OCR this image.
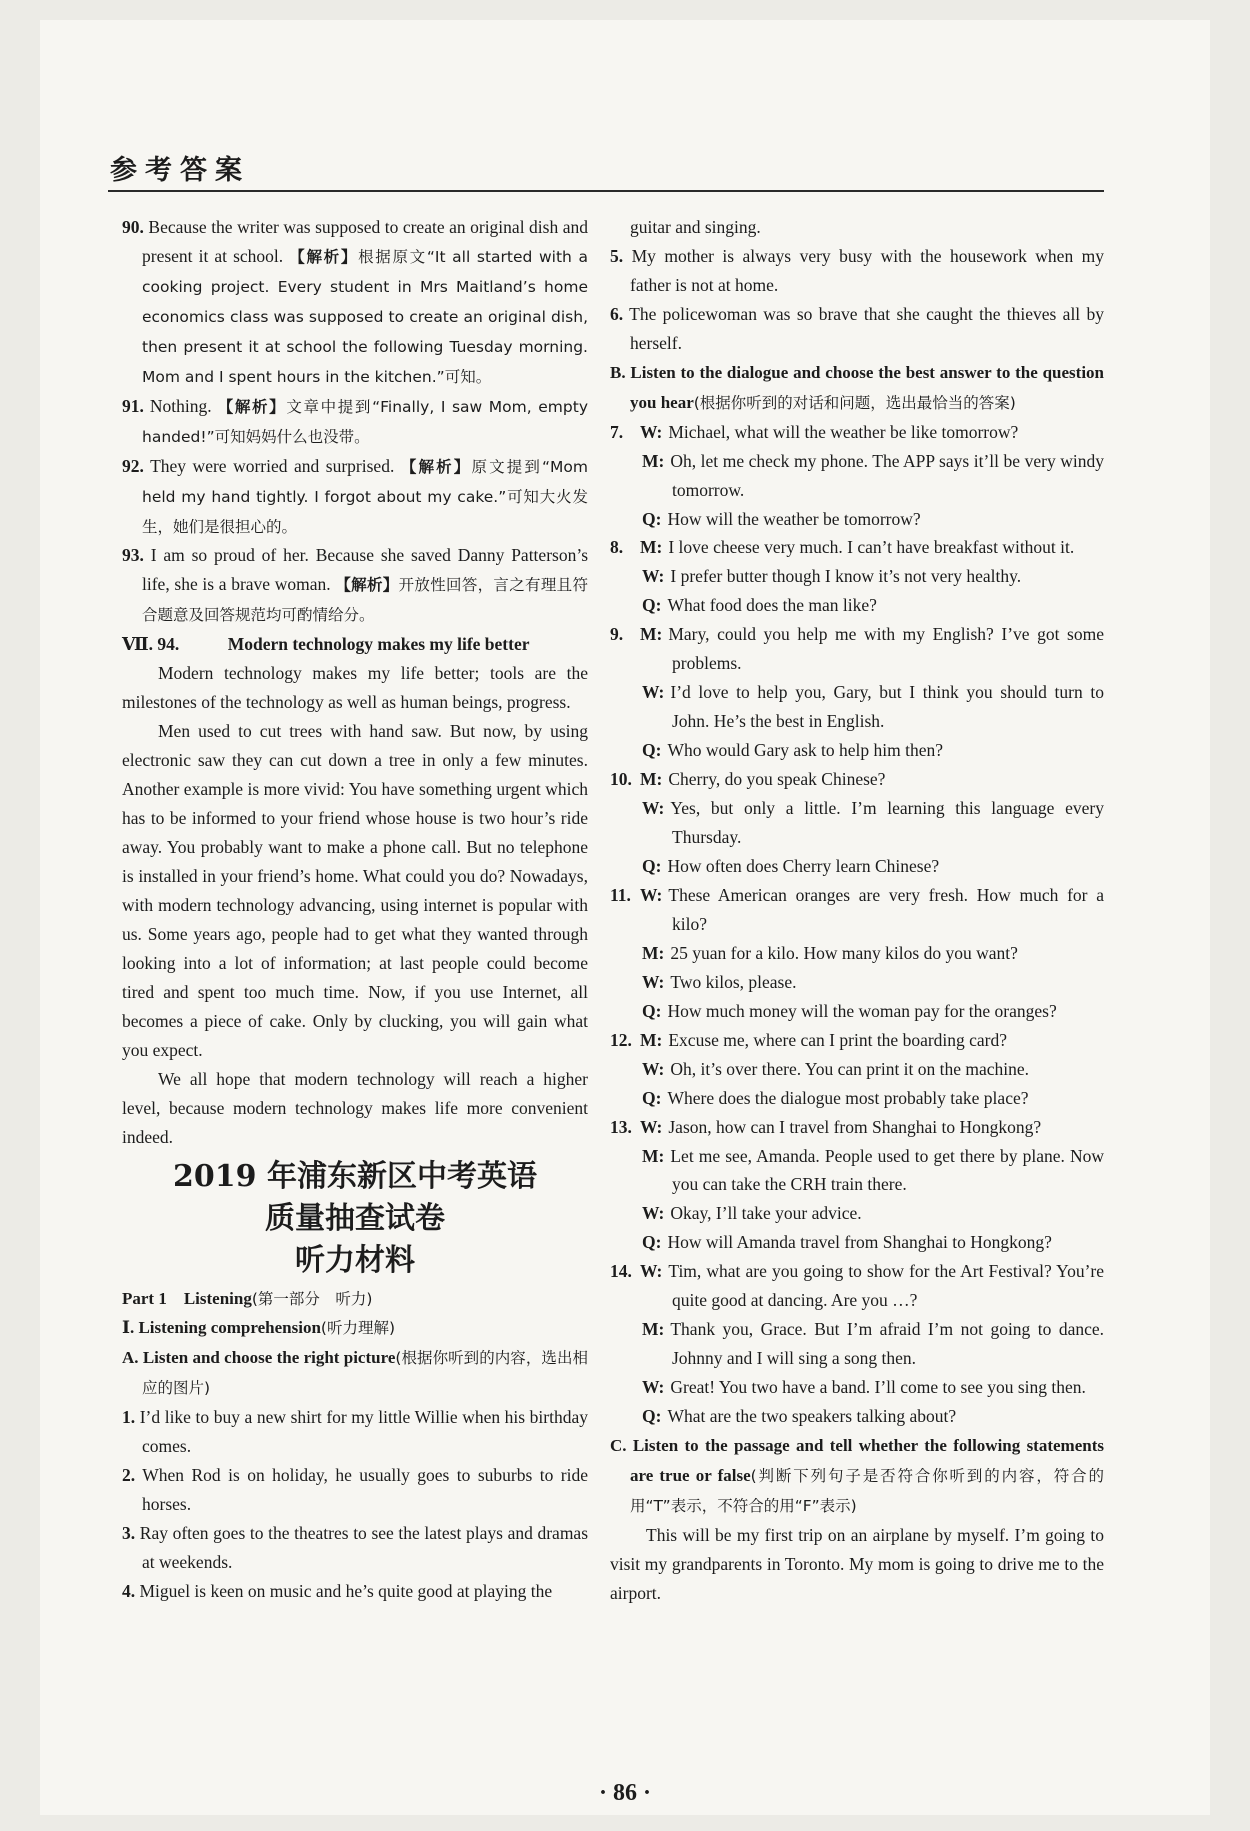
参考答案

90. Because the writer was supposed to create an original dish and present it at school. 【解析】根据原文“It all started with a cooking project. Every student in Mrs Maitland’s home economics class was supposed to create an original dish, then present it at school the following Tuesday morning. Mom and I spent hours in the kitchen.”可知。

91. Nothing. 【解析】文章中提到“Finally, I saw Mom, empty handed!”可知妈妈什么也没带。

92. They were worried and surprised. 【解析】原文提到“Mom held my hand tightly. I forgot about my cake.”可知大火发生，她们是很担心的。

93. I am so proud of her. Because she saved Danny Patterson’s life, she is a brave woman. 【解析】开放性回答，言之有理且符合题意及回答规范均可酌情给分。

Ⅶ. 94.	Modern technology makes my life better

Modern technology makes my life better; tools are the milestones of the technology as well as human beings, progress.

Men used to cut trees with hand saw. But now, by using electronic saw they can cut down a tree in only a few minutes. Another example is more vivid: You have something urgent which has to be informed to your friend whose house is two hour’s ride away. You probably want to make a phone call. But no telephone is installed in your friend’s home. What could you do? Nowadays, with modern technology advancing, using internet is popular with us. Some years ago, people had to get what they wanted through looking into a lot of information; at last people could become tired and spent too much time. Now, if you use Internet, all becomes a piece of cake. Only by clucking, you will gain what you expect.

We all hope that modern technology will reach a higher level, because modern technology makes life more convenient indeed.

2019 年浦东新区中考英语
质量抽查试卷
听力材料

Part 1　Listening(第一部分　听力)

Ⅰ. Listening comprehension(听力理解)

A. Listen and choose the right picture(根据你听到的内容，选出相应的图片)

1. I’d like to buy a new shirt for my little Willie when his birthday comes.

2. When Rod is on holiday, he usually goes to suburbs to ride horses.

3. Ray often goes to the theatres to see the latest plays and dramas at weekends.

4. Miguel is keen on music and he’s quite good at playing the

guitar and singing.

5. My mother is always very busy with the housework when my father is not at home.

6. The policewoman was so brave that she caught the thieves all by herself.

B. Listen to the dialogue and choose the best answer to the question you hear(根据你听到的对话和问题，选出最恰当的答案)

7. W: Michael, what will the weather be like tomorrow?

M: Oh, let me check my phone. The APP says it’ll be very windy tomorrow.

Q: How will the weather be tomorrow?

8. M: I love cheese very much. I can’t have breakfast without it.

W: I prefer butter though I know it’s not very healthy.

Q: What food does the man like?

9. M: Mary, could you help me with my English? I’ve got some problems.

W: I’d love to help you, Gary, but I think you should turn to John. He’s the best in English.

Q: Who would Gary ask to help him then?

10. M: Cherry, do you speak Chinese?

W: Yes, but only a little. I’m learning this language every Thursday.

Q: How often does Cherry learn Chinese?

11. W: These American oranges are very fresh. How much for a kilo?

M: 25 yuan for a kilo. How many kilos do you want?

W: Two kilos, please.

Q: How much money will the woman pay for the oranges?

12. M: Excuse me, where can I print the boarding card?

W: Oh, it’s over there. You can print it on the machine.

Q: Where does the dialogue most probably take place?

13. W: Jason, how can I travel from Shanghai to Hongkong?

M: Let me see, Amanda. People used to get there by plane. Now you can take the CRH train there.

W: Okay, I’ll take your advice.

Q: How will Amanda travel from Shanghai to Hongkong?

14. W: Tim, what are you going to show for the Art Festival? You’re quite good at dancing. Are you …?

M: Thank you, Grace. But I’m afraid I’m not going to dance. Johnny and I will sing a song then.

W: Great! You two have a band. I’ll come to see you sing then.

Q: What are the two speakers talking about?

C. Listen to the passage and tell whether the following statements are true or false(判断下列句子是否符合你听到的内容，符合的用“T”表示，不符合的用“F”表示)

This will be my first trip on an airplane by myself. I’m going to visit my grandparents in Toronto. My mom is going to drive me to the airport.

· 86 ·
